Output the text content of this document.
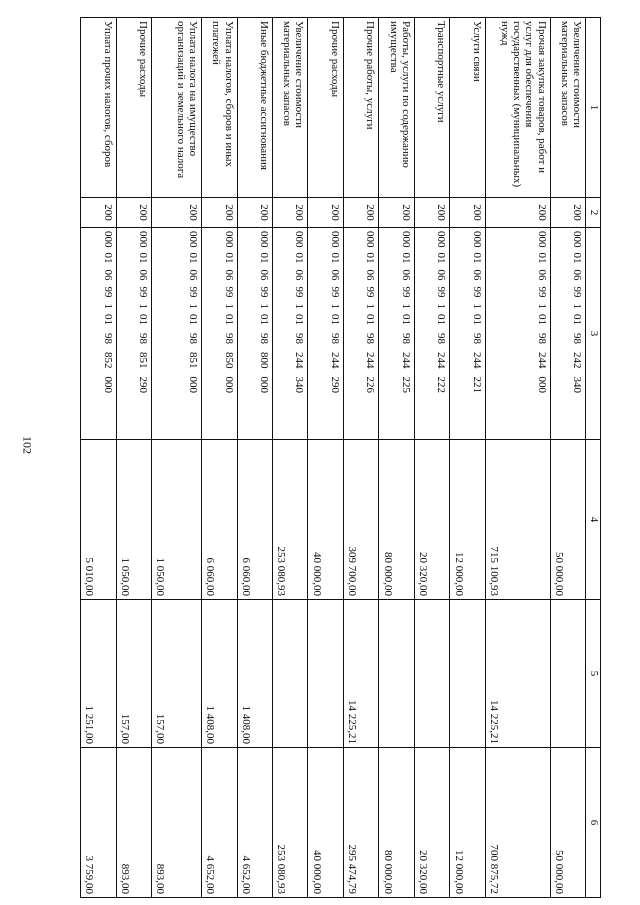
102
1	2	3	4	5	6
Увеличение стоимости материальных запасов	200	00001069910198242340	50 000,00		50 000,00
Прочая закупка товаров, работ и услуг для обеспечения государственных (муниципальных) нужд	200	00001069910198244000	715 100,93	14 225,21	700 875,72
Услуги связи	200	00001069910198244221	12 000,00		12 000,00
Транспортные услуги	200	00001069910198244222	20 320,00		20 320,00
Работы, услуги по содержанию имущества	200	00001069910198244225	80 000,00		80 000,00
Прочие работы, услуги	200	00001069910198244226	309 700,00	14 225,21	295 474,79
Прочие расходы	200	00001069910198244290	40 000,00		40 000,00
Увеличение стоимости материальных запасов	200	00001069910198244340	253 080,93		253 080,93
Иные бюджетные ассигнования	200	00001069910198800000	6 060,00	1 408,00	4 652,00
Уплата налогов, сборов и иных платежей	200	00001069910198850000	6 060,00	1 408,00	4 652,00
Уплата налога на имущество организаций и земельного налога	200	00001069910198851000	1 050,00	157,00	893,00
Прочие расходы	200	00001069910198851290	1 050,00	157,00	893,00
Уплата прочих налогов, сборов	200	00001069910198852000	5 010,00	1 251,00	3 759,00
